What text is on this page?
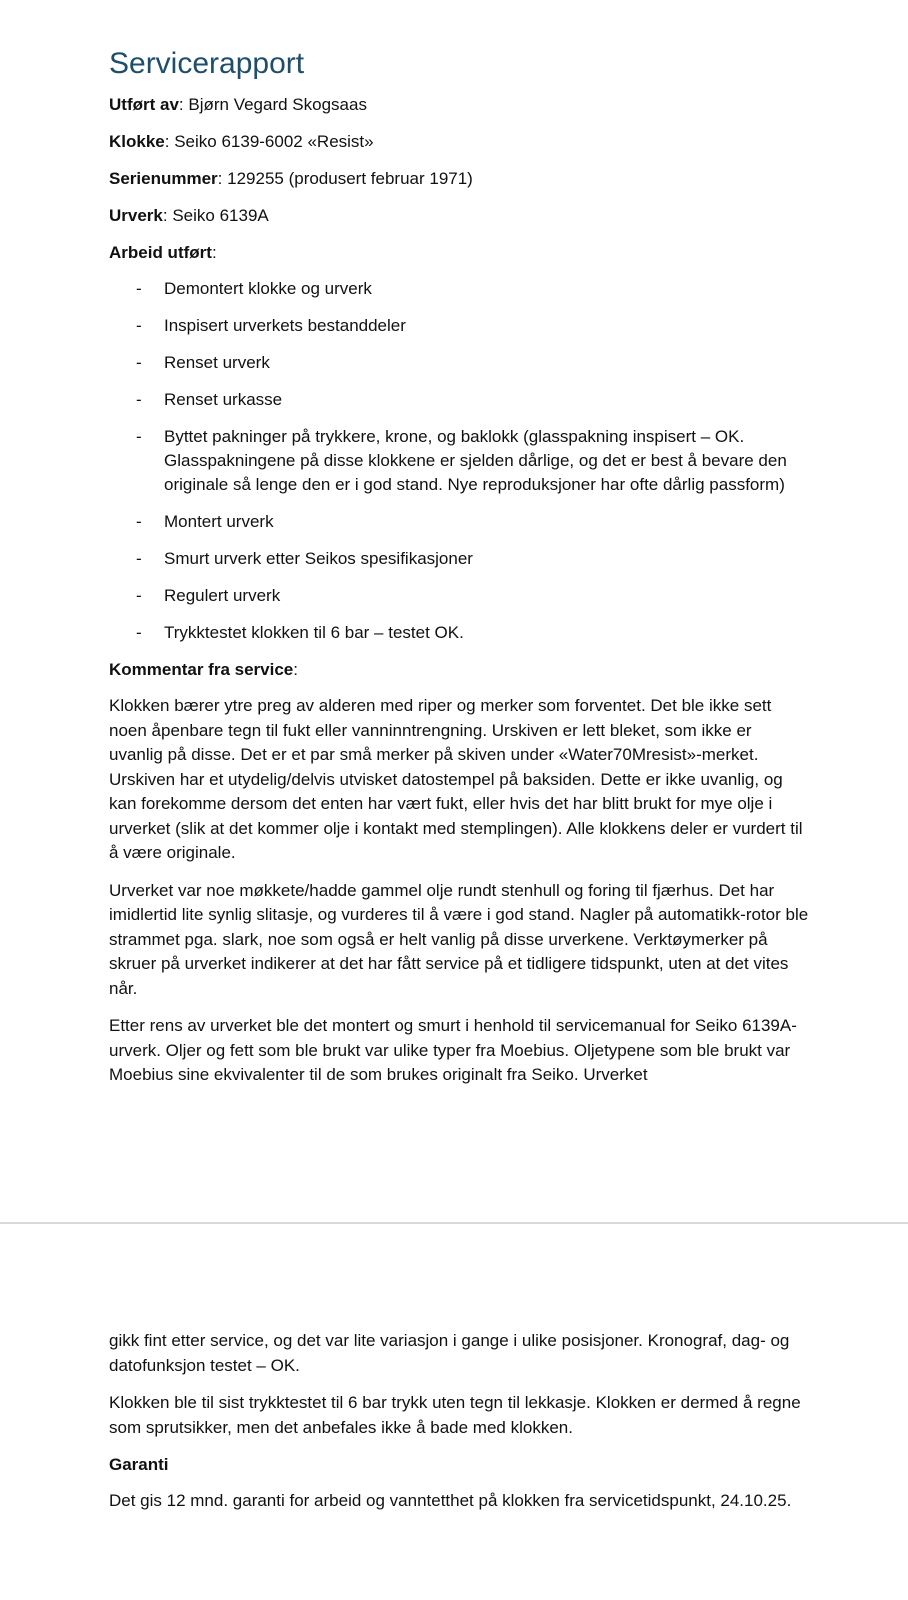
Servicerapport

Utført av: Bjørn Vegard Skogsaas

Klokke: Seiko 6139-6002 «Resist»

Serienummer: 129255 (produsert februar 1971)

Urverk: Seiko 6139A

Arbeid utført:

- Demontert klokke og urverk
- Inspisert urverkets bestanddeler
- Renset urverk
- Renset urkasse
- Byttet pakninger på trykkere, krone, og baklokk (glasspakning inspisert – OK. Glasspakningene på disse klokkene er sjelden dårlige, og det er best å bevare den originale så lenge den er i god stand. Nye reproduksjoner har ofte dårlig passform)
- Montert urverk
- Smurt urverk etter Seikos spesifikasjoner
- Regulert urverk
- Trykktestet klokken til 6 bar – testet OK.

Kommentar fra service:

Klokken bærer ytre preg av alderen med riper og merker som forventet. Det ble ikke sett noen åpenbare tegn til fukt eller vanninntrengning. Urskiven er lett bleket, som ikke er uvanlig på disse. Det er et par små merker på skiven under «Water70Mresist»-merket. Urskiven har et utydelig/delvis utvisket datostempel på baksiden. Dette er ikke uvanlig, og kan forekomme dersom det enten har vært fukt, eller hvis det har blitt brukt for mye olje i urverket (slik at det kommer olje i kontakt med stemplingen). Alle klokkens deler er vurdert til å være originale.

Urverket var noe møkkete/hadde gammel olje rundt stenhull og foring til fjærhus. Det har imidlertid lite synlig slitasje, og vurderes til å være i god stand. Nagler på automatikk-rotor ble strammet pga. slark, noe som også er helt vanlig på disse urverkene. Verktøymerker på skruer på urverket indikerer at det har fått service på et tidligere tidspunkt, uten at det vites når.

Etter rens av urverket ble det montert og smurt i henhold til servicemanual for Seiko 6139A-urverk. Oljer og fett som ble brukt var ulike typer fra Moebius. Oljetypene som ble brukt var Moebius sine ekvivalenter til de som brukes originalt fra Seiko. Urverket

gikk fint etter service, og det var lite variasjon i gange i ulike posisjoner. Kronograf, dag- og datofunksjon testet – OK.

Klokken ble til sist trykktestet til 6 bar trykk uten tegn til lekkasje. Klokken er dermed å regne som sprutsikker, men det anbefales ikke å bade med klokken.

Garanti

Det gis 12 mnd. garanti for arbeid og vanntetthet på klokken fra servicetidspunkt, 24.10.25.
